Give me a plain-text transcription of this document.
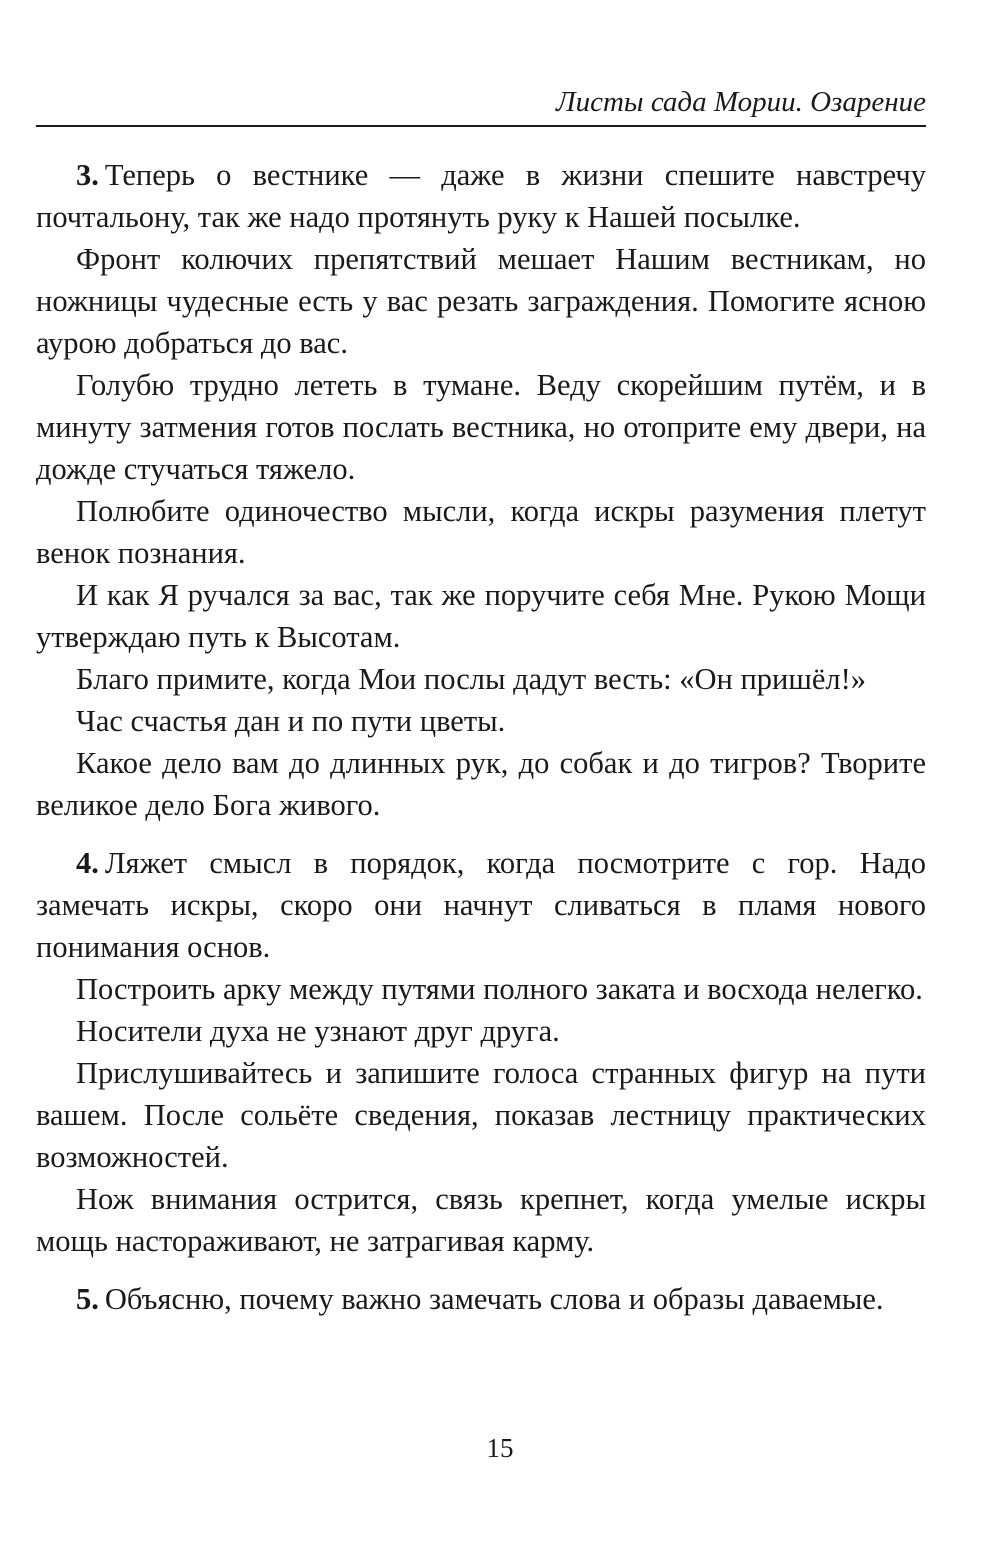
Листы сада Мории. Озарение

3. Теперь о вестнике — даже в жизни спешите навстречу почтальону, так же надо протянуть руку к Нашей посылке.

Фронт колючих препятствий мешает Нашим вестникам, но ножницы чудесные есть у вас резать заграждения. Помогите ясною аурою добраться до вас.

Голубю трудно лететь в тумане. Веду скорейшим путём, и в минуту затмения готов послать вестника, но отоприте ему двери, на дожде стучаться тяжело.

Полюбите одиночество мысли, когда искры разумения плетут венок познания.

И как Я ручался за вас, так же поручите себя Мне. Рукою Мощи утверждаю путь к Высотам.

Благо примите, когда Мои послы дадут весть: «Он пришёл!»

Час счастья дан и по пути цветы.

Какое дело вам до длинных рук, до собак и до тигров? Творите великое дело Бога живого.

4. Ляжет смысл в порядок, когда посмотрите с гор. Надо замечать искры, скоро они начнут сливаться в пламя нового понимания основ.

Построить арку между путями полного заката и восхода нелегко.

Носители духа не узнают друг друга.

Прислушивайтесь и запишите голоса странных фигур на пути вашем. После сольёте сведения, показав лестницу практических возможностей.

Нож внимания острится, связь крепнет, когда умелые искры мощь настораживают, не затрагивая карму.

5. Объясню, почему важно замечать слова и образы даваемые.

15
